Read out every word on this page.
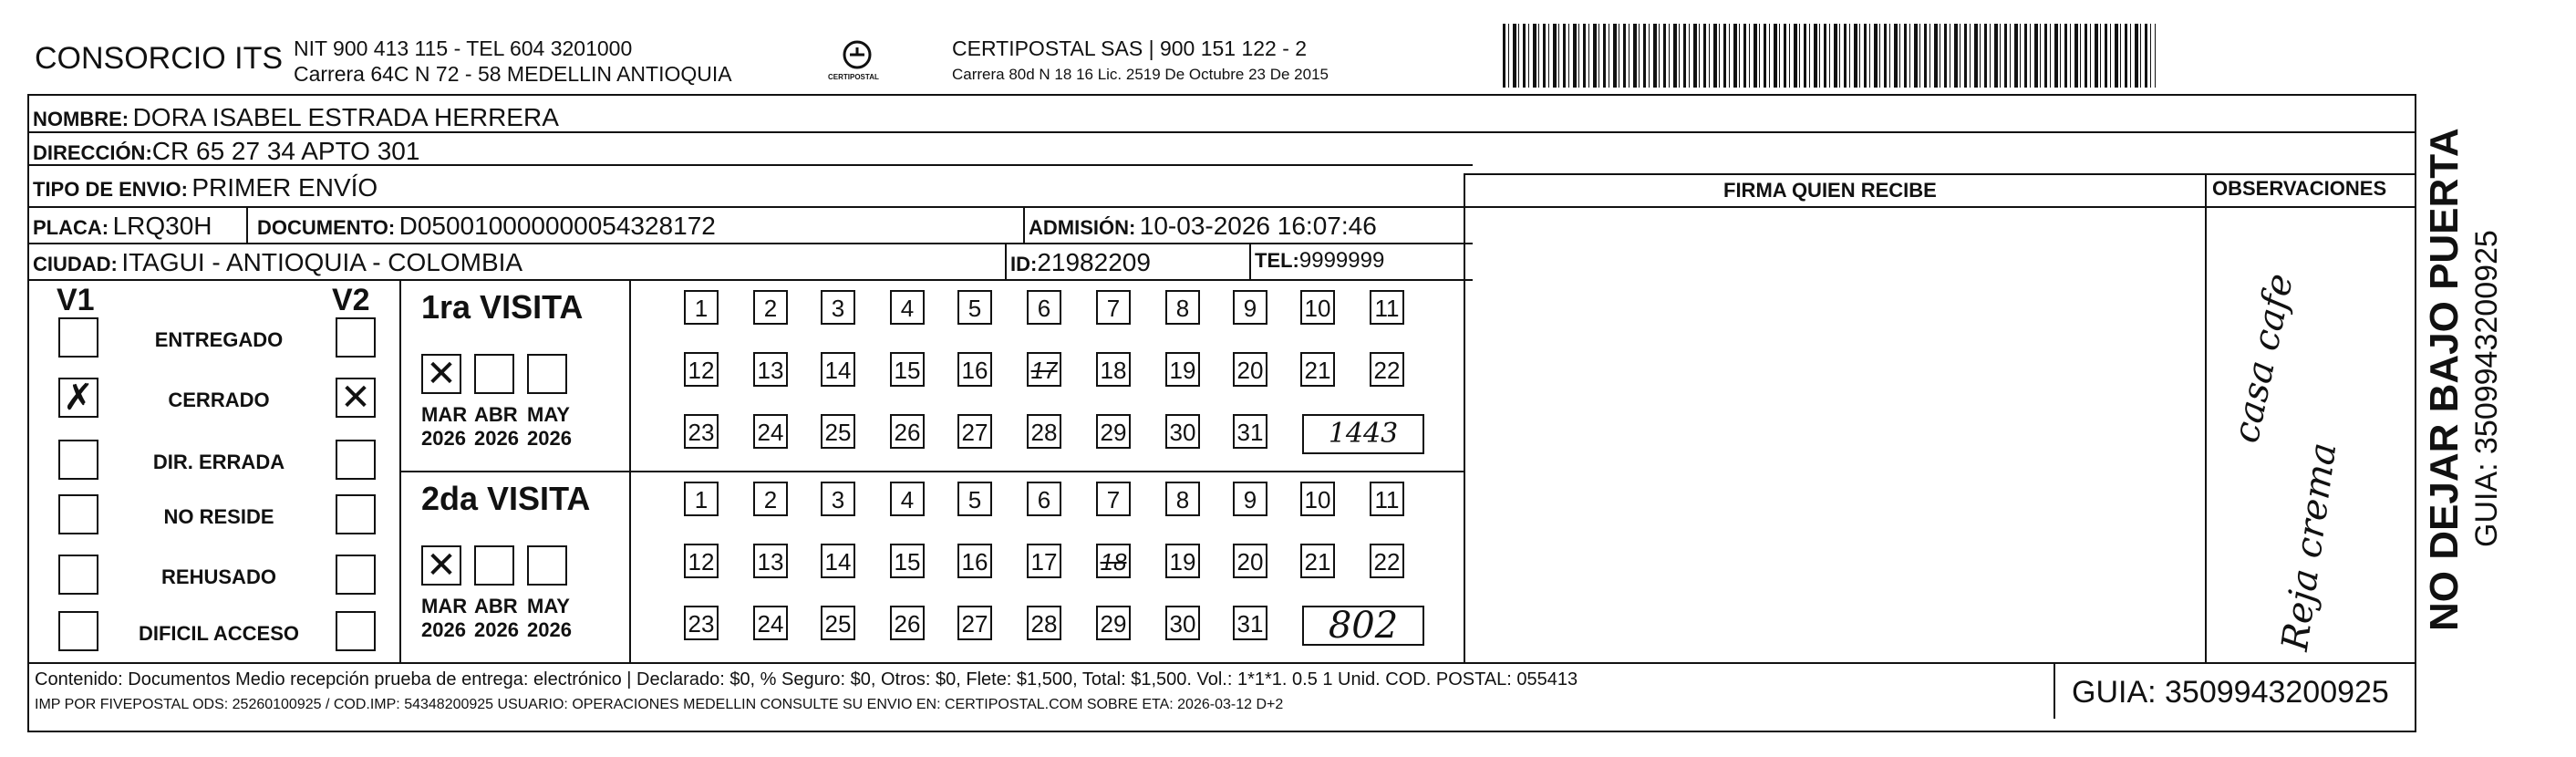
CONSORCIO ITS NIT 900 413 115 - TEL 604 3201000
Carrera 64C N 72 - 58 MEDELLIN ANTIOQUIA	CERTIPOSTAL
CERTIPOSTAL SAS | 900 151 122 - 2
Carrera 80d N 18 16 Lic. 2519 De Octubre 23 De 2015
NOMBRE: DORA ISABEL ESTRADA HERRERA
DIRECCIÓN:CR 65 27 34 APTO 301
TIPO DE ENVIO: PRIMER ENVÍO
PLACA: LRQ30H DOCUMENTO: D050010000000054328172	ADMISIÓN: 10-03-2026 16:07:46
CIUDAD: ITAGUI - ANTIOQUIA - COLOMBIA	ID:21982209	TEL:9999999
FIRMA QUIEN RECIBE	OBSERVACIONES
V1	V2
ENTREGADO
✗	CERRADO	✕
DIR. ERRADA
NO RESIDE
REHUSADO
DIFICIL ACCESO
1ra VISITA
✕
MAR
2026
ABR
2026
MAY
2026
1	2	3	4	5	6	7	8	9	10 11
12 13 14 15 16 17 18 19 20 21 22
23 24 25 26 27 28 29 30 31	1443
2da VISITA
✕
MAR
2026
ABR
2026
MAY
2026
1	2	3	4	5	6	7	8	9	10 11
12 13 14 15 16 17 18 19 20 21 22
23 24 25 26 27 28 29 30 31	802
casa cafe
Reja crema
Contenido: Documentos Medio recepción prueba de entrega: electrónico | Declarado: $0, % Seguro: $0, Otros: $0, Flete: $1,500, Total: $1,500. Vol.: 1*1*1. 0.5 1 Unid. COD. POSTAL: 055413
IMP POR FIVEPOSTAL ODS: 25260100925 / COD.IMP: 54348200925 USUARIO: OPERACIONES MEDELLIN CONSULTE SU ENVIO EN: CERTIPOSTAL.COM SOBRE ETA: 2026-03-12 D+2	GUIA: 3509943200925
NO DEJAR BAJO PUERTA GUIA: 3509943200925
